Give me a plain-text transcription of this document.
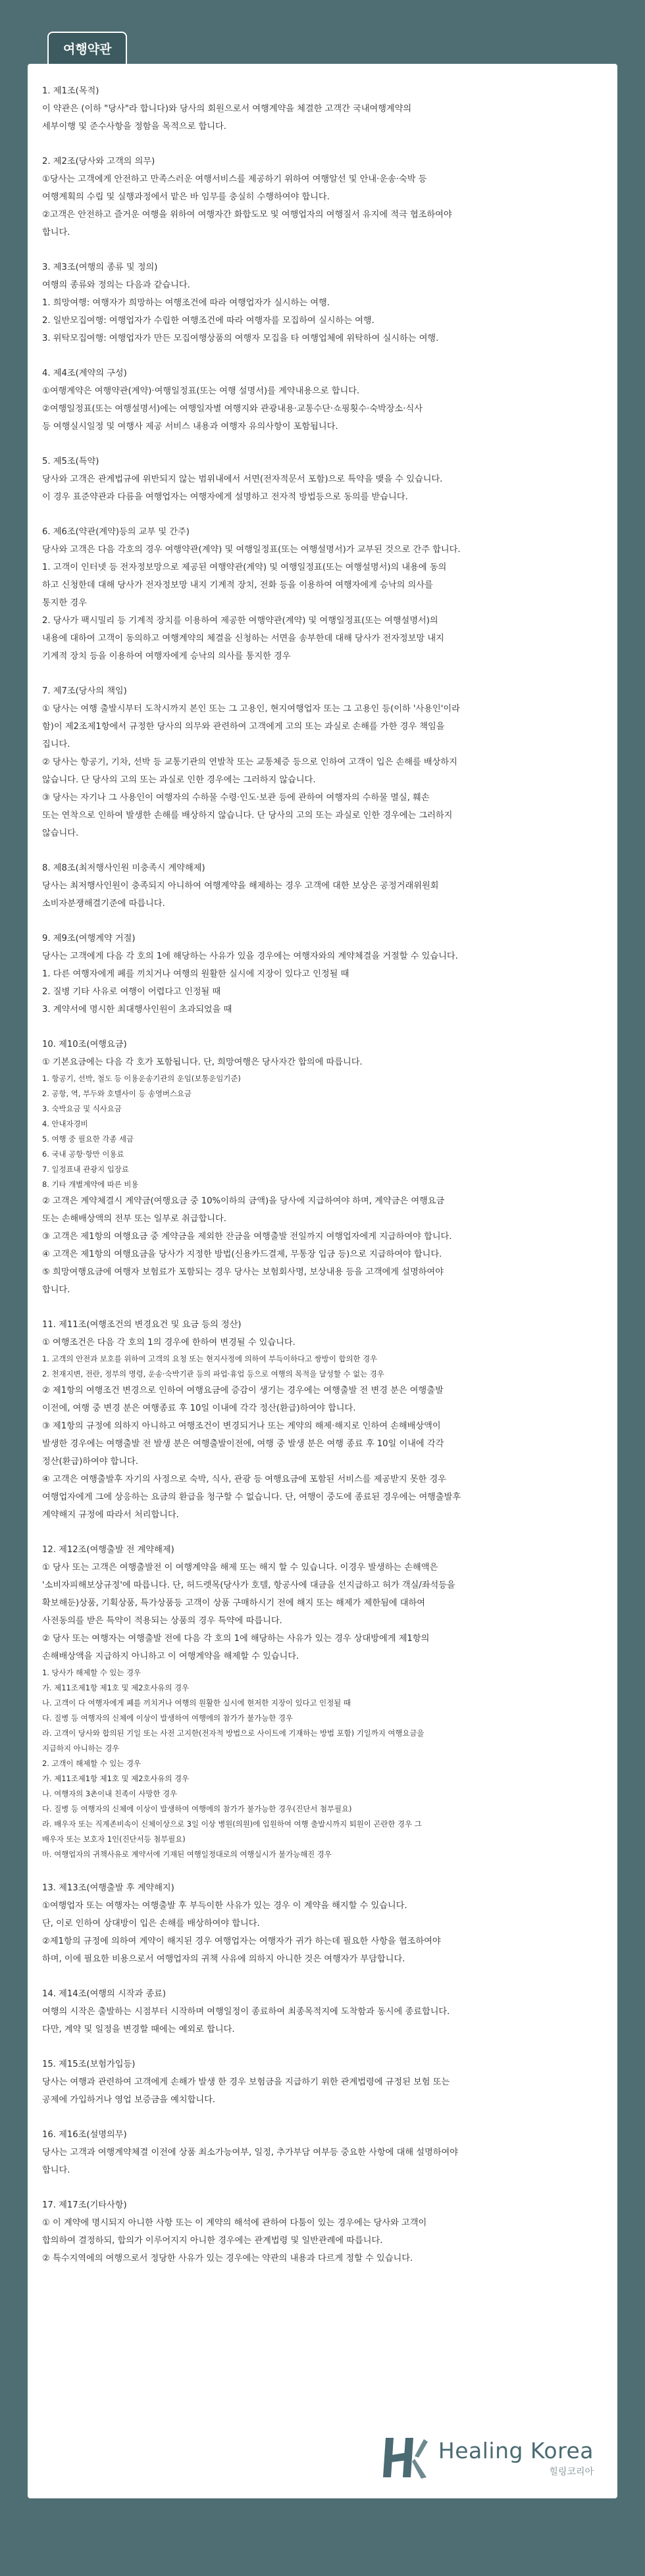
여행약관
1. 제1조(목적)
이 약관은 (이하 "당사"라 합니다)와 당사의 회원으로서 여행계약을 체결한 고객간 국내여행계약의
세부이행 및 준수사항을 정함을 목적으로 합니다.
2. 제2조(당사와 고객의 의무)
①당사는 고객에게 안전하고 만족스러운 여행서비스를 제공하기 위하여 여행알선 및 안내·운송·숙박 등
여행계획의 수립 및 실행과정에서 맡은 바 임무를 충실히 수행하여야 합니다.
②고객은 안전하고 즐거운 여행을 위하여 여행자간 화합도모 및 여행업자의 여행질서 유지에 적극 협조하여야
합니다.
3. 제3조(여행의 종류 및 정의)
여행의 종류와 정의는 다음과 같습니다.
1. 희망여행: 여행자가 희망하는 여행조건에 따라 여행업자가 실시하는 여행.
2. 일반모집여행: 여행업자가 수립한 여행조건에 따라 여행자를 모집하여 실시하는 여행.
3. 위탁모집여행: 여행업자가 만든 모집여행상품의 여행자 모집을 타 여행업체에 위탁하여 실시하는 여행.
4. 제4조(계약의 구성)
①여행계약은 여행약관(계약)·여행일정표(또는 여행 설명서)를 계약내용으로 합니다.
②여행일정표(또는 여행설명서)에는 여행일자별 여행지와 관광내용·교통수단·쇼핑횟수·숙박장소·식사
등 여행실시일정 및 여행사 제공 서비스 내용과 여행자 유의사항이 포함됩니다.
5. 제5조(특약)
당사와 고객은 관계법규에 위반되지 않는 범위내에서 서면(전자적문서 포함)으로 특약을 맺을 수 있습니다.
이 경우 표준약관과 다름을 여행업자는 여행자에게 설명하고 전자적 방법등으로 동의를 받습니다.
6. 제6조(약관(계약)등의 교부 및 간주)
당사와 고객은 다음 각호의 경우 여행약관(계약) 및 여행일정표(또는 여행설명서)가 교부된 것으로 간주 합니다.
1. 고객이 인터넷 등 전자정보망으로 제공된 여행약관(계약) 및 여행일정표(또는 여행설명서)의 내용에 동의
하고 신청한데 대해 당사가 전자정보망 내지 기계적 장치, 전화 등을 이용하여 여행자에게 승낙의 의사를
통지한 경우
2. 당사가 팩시밀리 등 기계적 장치를 이용하여 제공한 여행약관(계약) 및 여행일정표(또는 여행설명서)의
내용에 대하여 고객이 동의하고 여행계약의 체결을 신청하는 서면을 송부한데 대해 당사가 전자정보망 내지
기계적 장치 등을 이용하여 여행자에게 승낙의 의사를 통지한 경우
7. 제7조(당사의 책임)
① 당사는 여행 출발시부터 도착시까지 본인 또는 그 고용인, 현지여행업자 또는 그 고용인 등(이하 '사용인'이라
함)이 제2조제1항에서 규정한 당사의 의무와 관련하여 고객에게 고의 또는 과실로 손해를 가한 경우 책임을
집니다.
② 당사는 항공기, 기차, 선박 등 교통기관의 연발착 또는 교통체증 등으로 인하여 고객이 입은 손해를 배상하지
않습니다. 단 당사의 고의 또는 과실로 인한 경우에는 그러하지 않습니다.
③ 당사는 자기나 그 사용인이 여행자의 수하물 수령·인도·보관 등에 관하여 여행자의 수하물 멸실, 훼손
또는 연착으로 인하여 발생한 손해를 배상하지 않습니다. 단 당사의 고의 또는 과실로 인한 경우에는 그러하지
않습니다.
8. 제8조(최저행사인원 미충족시 계약해제)
당사는 최저행사인원이 충족되지 아니하여 여행계약을 해제하는 경우 고객에 대한 보상은 공정거래위원회
소비자분쟁해결기준에 따릅니다.
9. 제9조(여행계약 거절)
당사는 고객에게 다음 각 호의 1에 해당하는 사유가 있을 경우에는 여행자와의 계약체결을 거절할 수 있습니다.
1. 다른 여행자에게 폐를 끼치거나 여행의 원활한 실시에 지장이 있다고 인정될 때
2. 질병 기타 사유로 여행이 어렵다고 인정될 때
3. 계약서에 명시한 최대행사인원이 초과되었을 때
10. 제10조(여행요금)
① 기본요금에는 다음 각 호가 포함됩니다. 단, 희망여행은 당사자간 합의에 따릅니다.
1. 항공기, 선박, 철도 등 이용운송기관의 운임(보통운임기준)
2. 공항, 역, 부두와 호텔사이 등 송영버스요금
3. 숙박요금 및 식사요금
4. 안내자경비
5. 여행 중 필요한 각종 세금
6. 국내 공항·항만 이용료
7. 일정표내 관광지 입장료
8. 기타 개별계약에 따른 비용
② 고객은 계약체결시 계약금(여행요금 중 10%이하의 금액)을 당사에 지급하여야 하며, 계약금은 여행요금
또는 손해배상액의 전부 또는 일부로 취급합니다.
③ 고객은 제1항의 여행요금 중 계약금을 제외한 잔금을 여행출발 전일까지 여행업자에게 지급하여야 합니다.
④ 고객은 제1항의 여행요금을 당사가 지정한 방법(신용카드결제, 무통장 입금 등)으로 지급하여야 합니다.
⑤ 희망여행요금에 여행자 보험료가 포함되는 경우 당사는 보험회사명, 보상내용 등을 고객에게 설명하여야
합니다.
11. 제11조(여행조건의 변경요건 및 요금 등의 정산)
① 여행조건은 다음 각 호의 1의 경우에 한하여 변경될 수 있습니다.
1. 고객의 안전과 보호를 위하여 고객의 요청 또는 현지사정에 의하여 부득이하다고 쌍방이 합의한 경우
2. 천재지변, 전란, 정부의 명령, 운송·숙박기관 등의 파업·휴업 등으로 여행의 목적을 달성할 수 없는 경우
② 제1항의 여행조건 변경으로 인하여 여행요금에 증감이 생기는 경우에는 여행출발 전 변경 분은 여행출발
이전에, 여행 중 변경 분은 여행종료 후 10일 이내에 각각 정산(환급)하여야 합니다.
③ 제1항의 규정에 의하지 아니하고 여행조건이 변경되거나 또는 계약의 해제·해지로 인하여 손해배상액이
발생한 경우에는 여행출발 전 발생 분은 여행출발이전에, 여행 중 발생 분은 여행 종료 후 10일 이내에 각각
정산(환급)하여야 합니다.
④ 고객은 여행출발후 자기의 사정으로 숙박, 식사, 관광 등 여행요금에 포함된 서비스를 제공받지 못한 경우
여행업자에게 그에 상응하는 요금의 환급을 청구할 수 없습니다. 단, 여행이 중도에 종료된 경우에는 여행출발후
계약해지 규정에 따라서 처리합니다.
12. 제12조(여행출발 전 계약해제)
① 당사 또는 고객은 여행출발전 이 여행계약을 해제 또는 해지 할 수 있습니다. 이경우 발생하는 손해액은
'소비자피해보상규정'에 따릅니다. 단, 허드렛목(당사가 호텔, 항공사에 대금을 선지급하고 허가 객실/좌석등을
확보해둔)상품, 기획상품, 특가상품등 고객이 상품 구매하시기 전에 해지 또는 해제가 제한됨에 대하여
사전동의를 받은 특약이 적용되는 상품의 경우 특약에 따릅니다.
② 당사 또는 여행자는 여행출발 전에 다음 각 호의 1에 해당하는 사유가 있는 경우 상대방에게 제1항의
손해배상액을 지급하지 아니하고 이 여행계약을 해제할 수 있습니다.
1. 당사가 해제할 수 있는 경우
가. 제11조제1항 제1호 및 제2호사유의 경우
나. 고객이 다 여행자에게 폐를 끼치거나 여행의 원활한 실시에 현저한 지장이 있다고 인정될 때
다. 질병 등 여행자의 신체에 이상이 발생하여 여행에의 참가가 불가능한 경우
라. 고객이 당사와 합의된 기일 또는 사전 고지한(전자적 방법으로 사이트에 기재하는 방법 포함) 기일까지 여행요금을
지급하지 아니하는 경우
2. 고객이 해제할 수 있는 경우
가. 제11조제1항 제1호 및 제2호사유의 경우
나. 여행자의 3촌이내 친족이 사망한 경우
다. 질병 등 여행자의 신체에 이상이 발생하여 여행에의 참가가 불가능한 경우(진단서 첨부필요)
라. 배우자 또는 직계존비속이 신체이상으로 3일 이상 병원(의원)에 입원하여 여행 출발시까지 퇴원이 곤란한 경우 그
배우자 또는 보호자 1인(진단서등 첨부필요)
마. 여행업자의 귀책사유로 계약서에 기재된 여행일정대로의 여행실시가 불가능해진 경우
13. 제13조(여행출발 후 계약해지)
①여행업자 또는 여행자는 여행출발 후 부득이한 사유가 있는 경우 이 계약을 해지할 수 있습니다.
단, 이로 인하여 상대방이 입은 손해를 배상하여야 합니다.
②제1항의 규정에 의하여 계약이 해지된 경우 여행업자는 여행자가 귀가 하는데 필요한 사항을 협조하여야
하며, 이에 필요한 비용으로서 여행업자의 귀책 사유에 의하지 아니한 것은 여행자가 부담합니다.
14. 제14조(여행의 시작과 종료)
여행의 시작은 출발하는 시점부터 시작하며 여행일정이 종료하여 최종목적지에 도착함과 동시에 종료합니다.
다만, 계약 및 일정을 변경할 때에는 예외로 합니다.
15. 제15조(보험가입등)
당사는 여행과 관련하여 고객에게 손해가 발생 한 경우 보험금을 지급하기 위한 관계법령에 규정된 보험 또는
공제에 가입하거나 영업 보증금을 예치합니다.
16. 제16조(설명의무)
당사는 고객과 여행계약체결 이전에 상품 최소가능여부, 일정, 추가부담 여부등 중요한 사항에 대해 설명하여야
합니다.
17. 제17조(기타사항)
① 이 계약에 명시되지 아니한 사항 또는 이 계약의 해석에 관하여 다툼이 있는 경우에는 당사와 고객이
합의하여 결정하되, 합의가 이루어지지 아니한 경우에는 관계법령 및 일반관례에 따릅니다.
② 특수지역에의 여행으로서 정당한 사유가 있는 경우에는 약관의 내용과 다르게 정할 수 있습니다.
Healing Korea
힐링코리아
